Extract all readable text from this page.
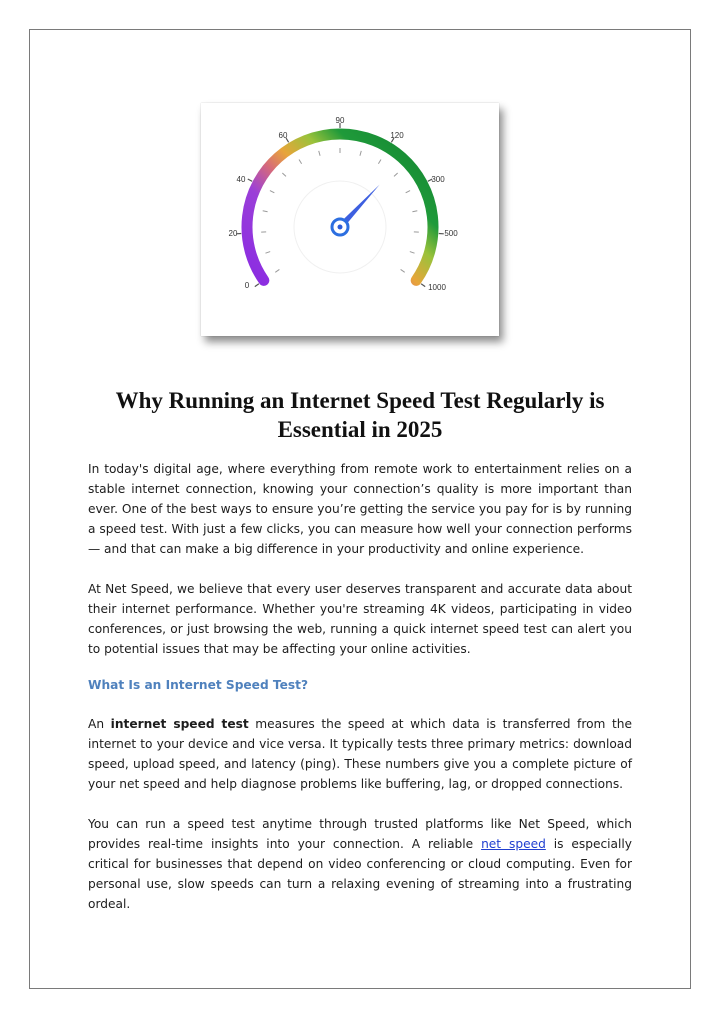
0
20
40
60
90
120
300
500
1000
Why Running an Internet Speed Test Regularly is Essential in 2025

In today's digital age, where everything from remote work to entertainment relies on a stable internet connection, knowing your connection’s quality is more important than ever. One of the best ways to ensure you’re getting the service you pay for is by running a speed test. With just a few clicks, you can measure how well your connection performs — and that can make a big difference in your productivity and online experience.

At Net Speed, we believe that every user deserves transparent and accurate data about their internet performance. Whether you're streaming 4K videos, participating in video conferences, or just browsing the web, running a quick internet speed test can alert you to potential issues that may be affecting your online activities.

What Is an Internet Speed Test?

An internet speed test measures the speed at which data is transferred from the internet to your device and vice versa. It typically tests three primary metrics: download speed, upload speed, and latency (ping). These numbers give you a complete picture of your net speed and help diagnose problems like buffering, lag, or dropped connections.

You can run a speed test anytime through trusted platforms like Net Speed, which provides real-time insights into your connection. A reliable net speed is especially critical for businesses that depend on video conferencing or cloud computing. Even for personal use, slow speeds can turn a relaxing evening of streaming into a frustrating ordeal.
